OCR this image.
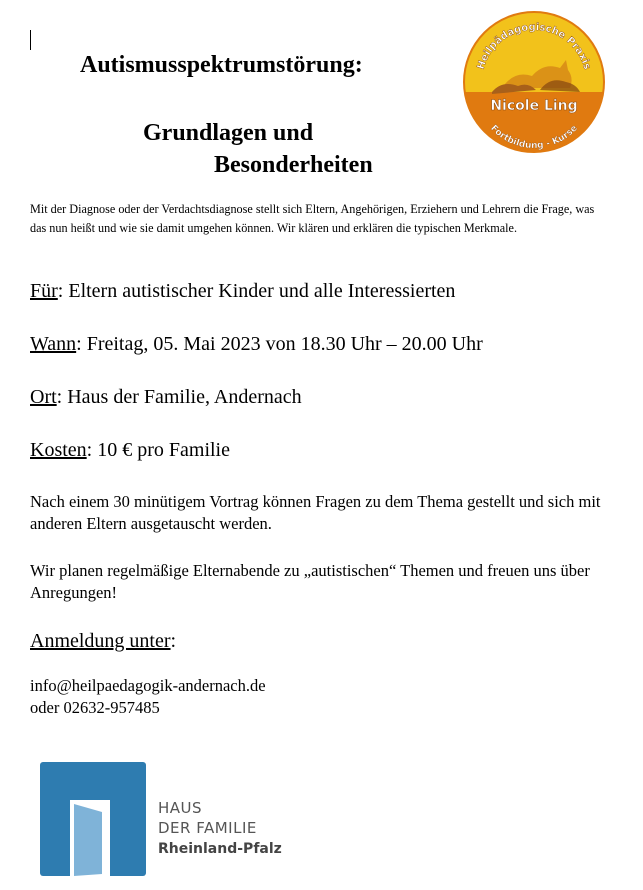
Autismusspektrumstörung:
Grundlagen und
Besonderheiten

Mit der Diagnose oder der Verdachtsdiagnose stellt sich Eltern, Angehörigen, Erziehern und Lehrern die Frage, was das nun heißt und wie sie damit umgehen können. Wir klären und erklären die typischen Merkmale.

Für: Eltern autistischer Kinder und alle Interessierten

Wann: Freitag, 05. Mai 2023 von 18.30 Uhr – 20.00 Uhr

Ort: Haus der Familie, Andernach

Kosten: 10 € pro Familie

Nach einem 30 minütigem Vortrag können Fragen zu dem Thema gestellt und sich mit anderen Eltern ausgetauscht werden.

Wir planen regelmäßige Elternabende zu „autistischen“ Themen und freuen uns über Anregungen!

Anmeldung unter:

info@heilpaedagogik-andernach.de
oder 02632-957485
Heilpädagogische Praxis
Nicole Ling
Fortbildung - Kurse
HAUS
DER FAMILIE
Rheinland-Pfalz
